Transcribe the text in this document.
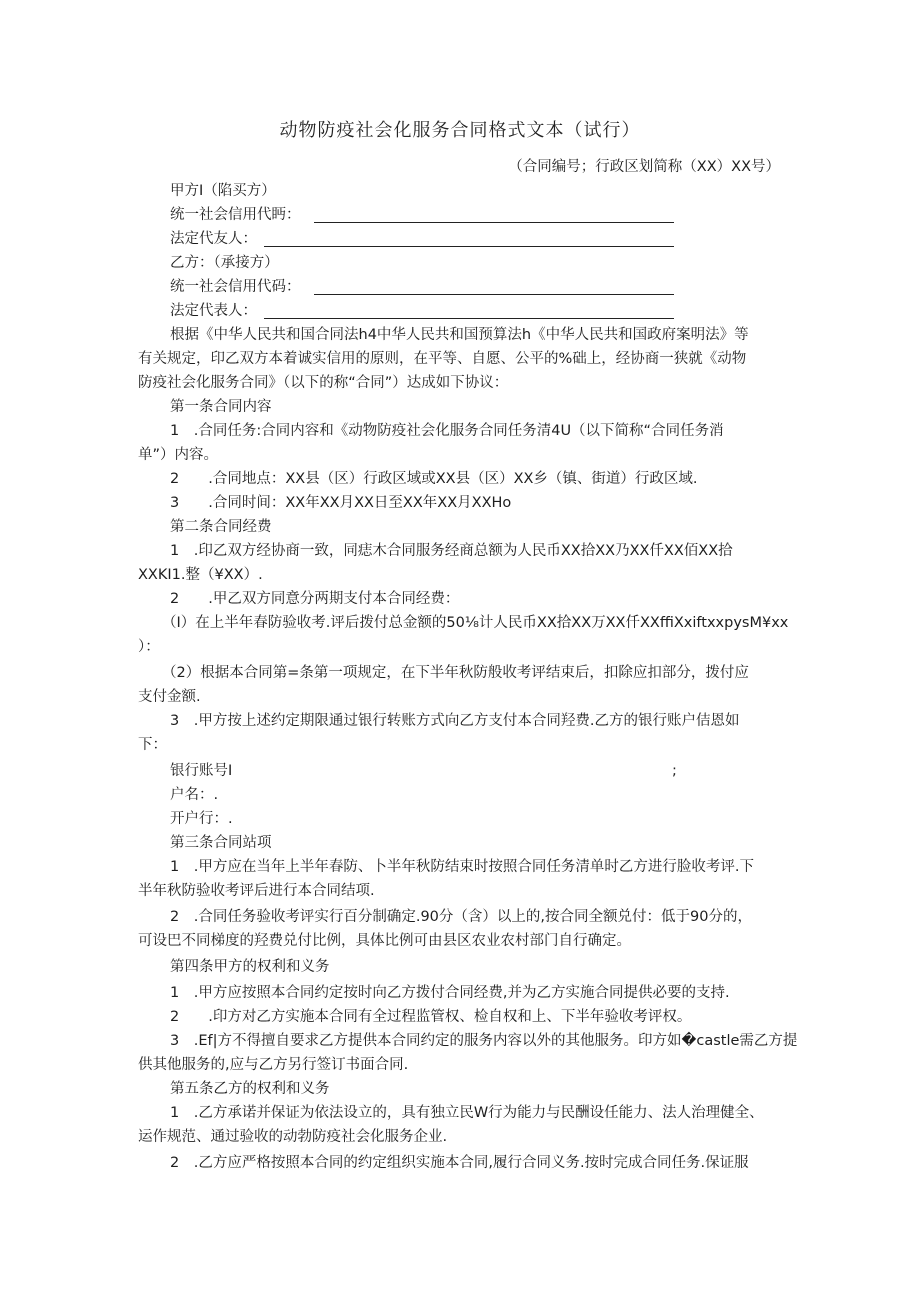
动物防疫社会化服务合同格式文本（试行）
（合同编号；行政区划简称（XX）XX号）
甲方I（陷买方）
统一社会信用代眄：
法定代友人：
乙方：（承接方）
统一社会信用代码：
法定代表人：
根据《中华人民共和国合同法h4中华人民共和国预算法h《中华人民共和国政府案明法》等
有关规定，印乙双方本着诚实信用的原则，在平等、自愿、公平的%础上，经协商一狭就《动物
防疫社会化服务合同》（以下的称“合同”）达成如下协议：
第一条合同内容
1 .合同任务:合同内容和《动物防疫社会化服务合同任务清4U（以下简称“合同任务消
单”）内容。
2  .合同地点：XX县（区）行政区域或XX县（区）XX乡（镇、街道）行政区域.
3  .合同时间：XX年XX月XX日至XX年XX月XXHo
第二条合同经费
1 .印乙双方经协商一致，同痣木合同服务经商总额为人民币XX拾XX乃XX仟XX佰XX拾
XXKI1.整（¥XX）.
2  .甲乙双方同意分两期支付本合同经费：
（I）在上半年春防验收考.评后拨付总金额的50⅛计人民币XX拾XX万XX仟XXffiXxiftxxpysM¥xx
）：
（2）根据本合同第=条第一项规定，在下半年秋防般收考评结束后，扣除应扣部分，拨付应
支付金额.
3 .甲方按上述约定期限通过银行转账方式向乙方支付本合同羟费.乙方的银行账户佶恩如
下：
银行账号I	;
户名：.
开户行：.
第三条合同站项
1 .甲方应在当年上半年春防、卜半年秋防结束时按照合同任务清单时乙方进行脸收考评.下
半年秋防验收考评后进行本合同结项.
2 .合同任务验收考评实行百分制确定.90分（含）以上的,按合同全额兑付：低于90分的，
可设巴不同梯度的羟费兑付比例，具体比例可由县区农业农村部门自行确定。
第四条甲方的权利和义务
1 .甲方应按照本合同约定按时向乙方拨付合同经费,并为乙方实施合同提供必要的支持.
2  .印方对乙方实施本合同有全过程监管权、检自权和上、下半年验收考评权。
3 .Ef|方不得擅自要求乙方提供本合同约定的服务内容以外的其他服务。印方如�castle需乙方提
供其他服务的,应与乙方另行签订书面合同.
第五条乙方的权利和义务
1 .乙方承诺并保证为依法设立的，具有独立民W行为能力与民酬设任能力、法人治理健全、
运作规范、通过验收的动勃防疫社会化服务企业.
2 .乙方应严格按照本合同的约定组织实施本合同,履行合同义务.按时完成合同任务.保证服
